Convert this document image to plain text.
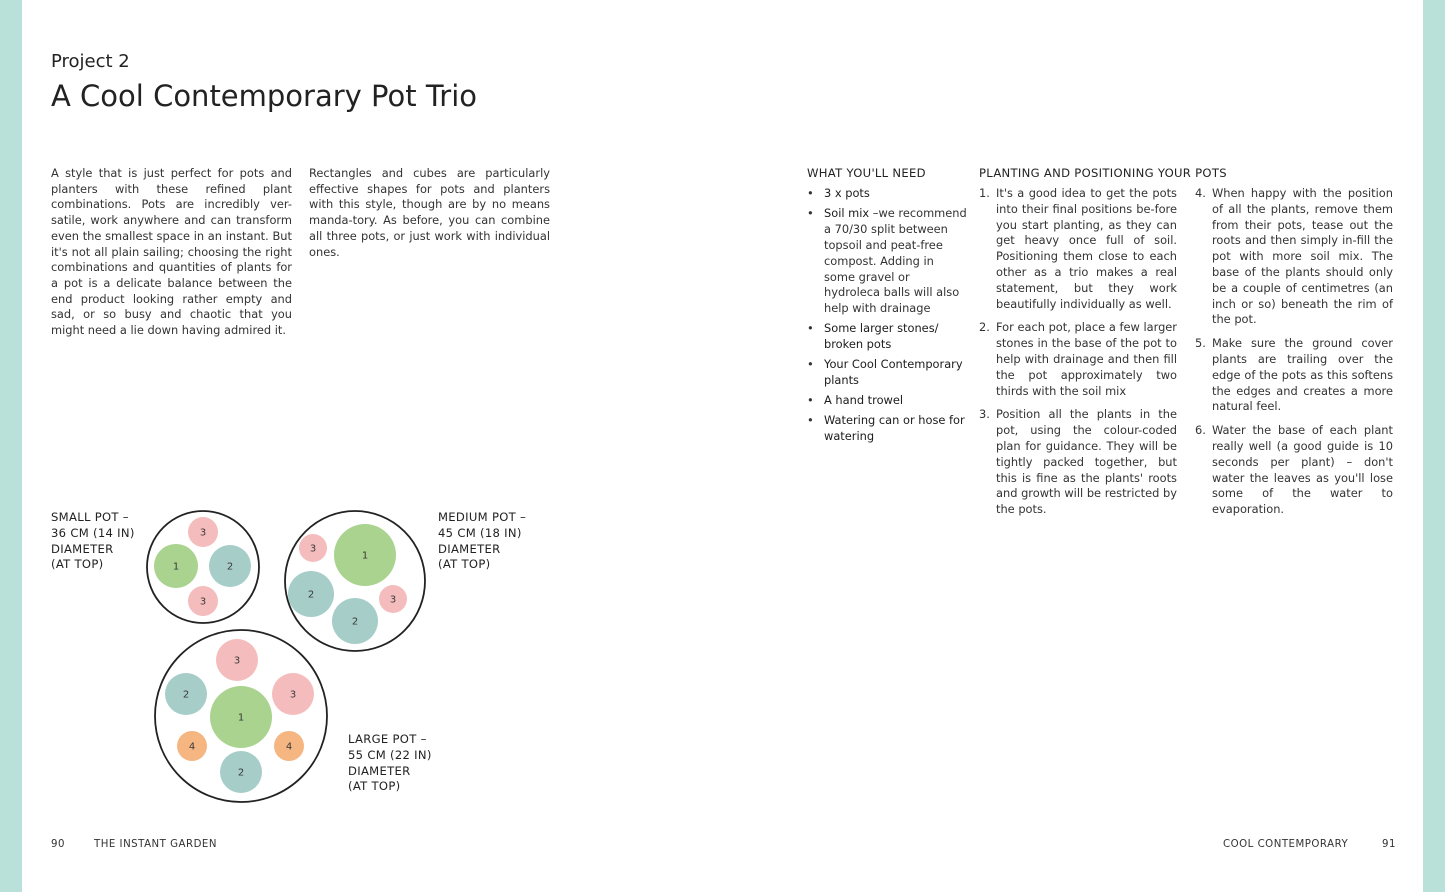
Project 2
A Cool Contemporary Pot Trio

A style that is just perfect for pots and planters with these refined plant combinations. Pots are incredibly ver-satile, work anywhere and can transform even the smallest space in an instant. But it's not all plain sailing; choosing the right combinations and quantities of plants for a pot is a delicate balance between the end product looking rather empty and sad, or so busy and chaotic that you might need a lie down having admired it.

Rectangles and cubes are particularly effective shapes for pots and planters with this style, though are by no means manda-tory. As before, you can combine all three pots, or just work with individual ones.

WHAT YOU'LL NEED
• 3 x pots
• Soil mix –we recommend a 70/30 split between topsoil and peat-free compost. Adding in some gravel or hydroleca balls will also help with drainage
• Some larger stones/ broken pots
• Your Cool Contemporary plants
• A hand trowel
• Watering can or hose for watering
PLANTING AND POSITIONING YOUR POTS
1. It's a good idea to get the pots into their final positions be-fore you start planting, as they can get heavy once full of soil. Positioning them close to each other as a trio makes a real statement, but they work beautifully individually as well.
2. For each pot, place a few larger stones in the base of the pot to help with drainage and then fill the pot approximately two thirds with the soil mix
3. Position all the plants in the pot, using the colour-coded plan for guidance. They will be tightly packed together, but this is fine as the plants' roots and growth will be restricted by the pots.
4. When happy with the position of all the plants, remove them from their pots, tease out the roots and then simply in-fill the pot with more soil mix. The base of the plants should only be a couple of centimetres (an inch or so) beneath the rim of the pot.
5. Make sure the ground cover plants are trailing over the edge of the pots as this softens the edges and creates a more natural feel.
6. Water the base of each plant really well (a good guide is 10 seconds per plant) – don't water the leaves as you'll lose some of the water to evaporation.
SMALL POT –
36 CM (14 IN)
DIAMETER
(AT TOP)
MEDIUM POT –
45 CM (18 IN)
DIAMETER
(AT TOP)
LARGE POT –
55 CM (22 IN)
DIAMETER
(AT TOP)
3
1	2
3
3
1
2
2
3
3
2	3
1
4	4
2
90	THE INSTANT GARDEN	COOL CONTEMPORARY	91
